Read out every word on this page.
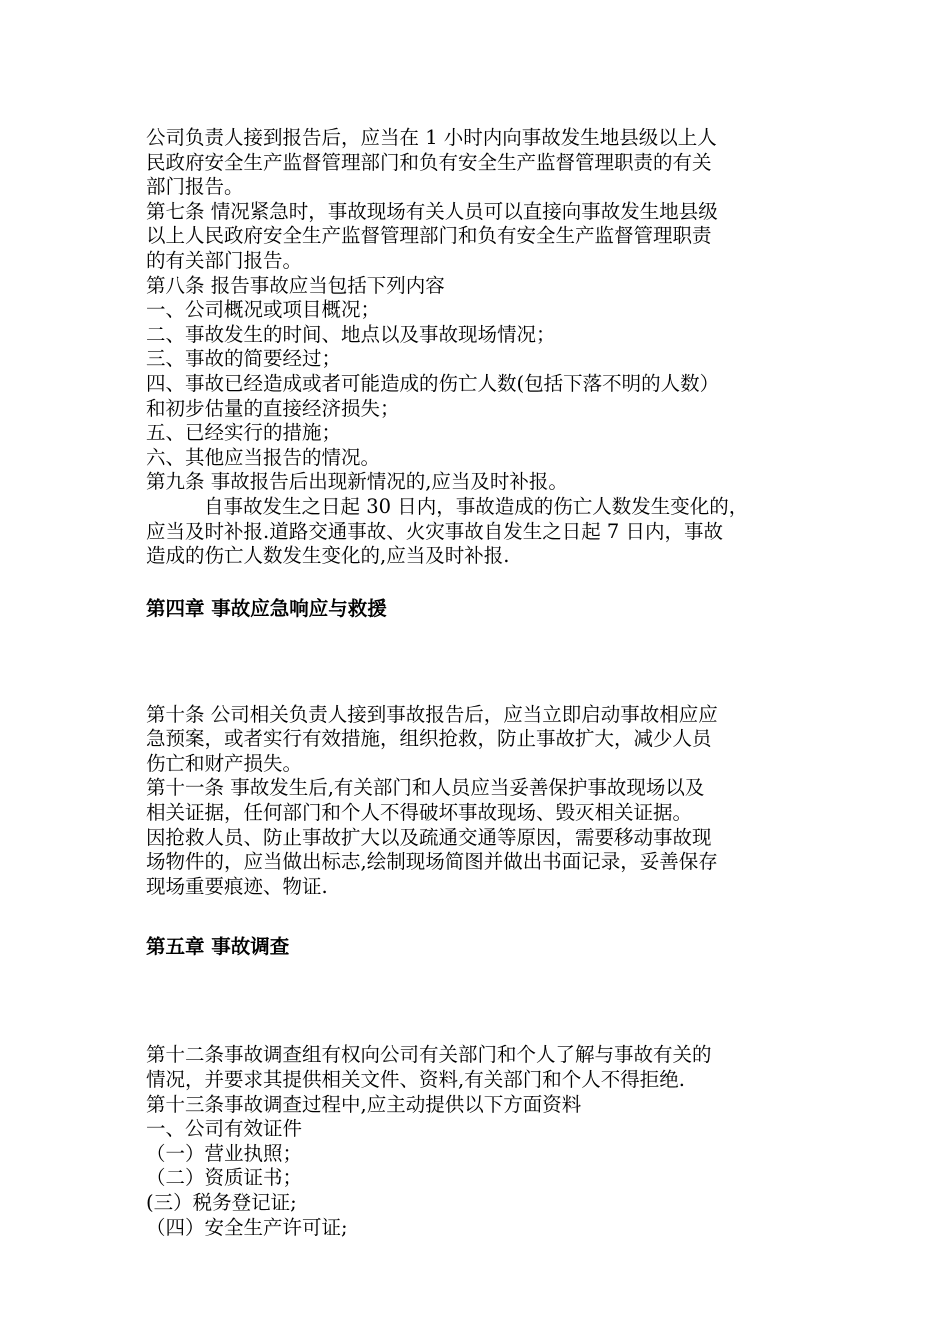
公司负责人接到报告后，应当在 1 小时内向事故发生地县级以上人
民政府安全生产监督管理部门和负有安全生产监督管理职责的有关
部门报告。
第七条 情况紧急时，事故现场有关人员可以直接向事故发生地县级
以上人民政府安全生产监督管理部门和负有安全生产监督管理职责
的有关部门报告。
第八条 报告事故应当包括下列内容
一、公司概况或项目概况；
二、事故发生的时间、地点以及事故现场情况；
三、事故的简要经过；
四、事故已经造成或者可能造成的伤亡人数(包括下落不明的人数）
和初步估量的直接经济损失；
五、已经实行的措施；
六、其他应当报告的情况。
第九条 事故报告后出现新情况的,应当及时补报。
自事故发生之日起 30 日内，事故造成的伤亡人数发生变化的，
应当及时补报.道路交通事故、火灾事故自发生之日起 7 日内，事故
造成的伤亡人数发生变化的,应当及时补报.
第四章 事故应急响应与救援
第十条 公司相关负责人接到事故报告后，应当立即启动事故相应应
急预案，或者实行有效措施，组织抢救，防止事故扩大，减少人员
伤亡和财产损失。
第十一条 事故发生后,有关部门和人员应当妥善保护事故现场以及
相关证据，任何部门和个人不得破坏事故现场、毁灭相关证据。
因抢救人员、防止事故扩大以及疏通交通等原因，需要移动事故现
场物件的，应当做出标志,绘制现场简图并做出书面记录，妥善保存
现场重要痕迹、物证.
第五章 事故调查
第十二条事故调查组有权向公司有关部门和个人了解与事故有关的
情况，并要求其提供相关文件、资料,有关部门和个人不得拒绝.
第十三条事故调查过程中,应主动提供以下方面资料
一、公司有效证件
（一）营业执照；
（二）资质证书；
(三）税务登记证;
（四）安全生产许可证;
